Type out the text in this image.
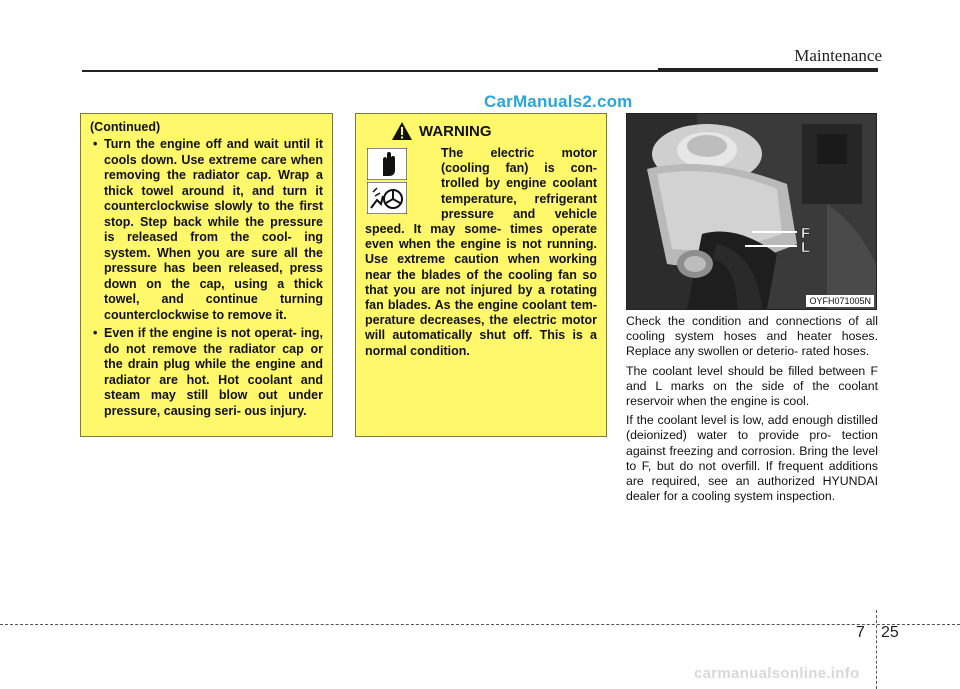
Maintenance
CarManuals2.com
(Continued)
• Turn the engine off and wait until it cools down. Use extreme care when removing the radiator cap. Wrap a thick towel around it, and turn it counterclockwise slowly to the first stop. Step back while the pressure is released from the cool- ing system. When you are sure all the pressure has been released, press down on the cap, using a thick towel, and continue turning counterclockwise to remove it.
• Even if the engine is not operat- ing, do not remove the radiator cap or the drain plug while the engine and radiator are hot. Hot coolant and steam may still blow out under pressure, causing seri- ous injury.
WARNING
The electric motor (cooling fan) is con- trolled by engine coolant temperature, refrigerant pressure and vehicle speed. It may some- times operate even when the engine is not running. Use extreme caution when working near the blades of the cooling fan so that you are not injured by a rotating fan blades. As the engine coolant tem- perature decreases, the electric motor will automatically shut off. This is a normal condition.
F
L
OYFH071005N

Check the condition and connections of all cooling system hoses and heater hoses. Replace any swollen or deterio- rated hoses.

The coolant level should be filled between F and L marks on the side of the coolant reservoir when the engine is cool.

If the coolant level is low, add enough distilled (deionized) water to provide pro- tection against freezing and corrosion. Bring the level to F, but do not overfill. If frequent additions are required, see an authorized HYUNDAI dealer for a cooling system inspection.

7 25
carmanualsonline.info
